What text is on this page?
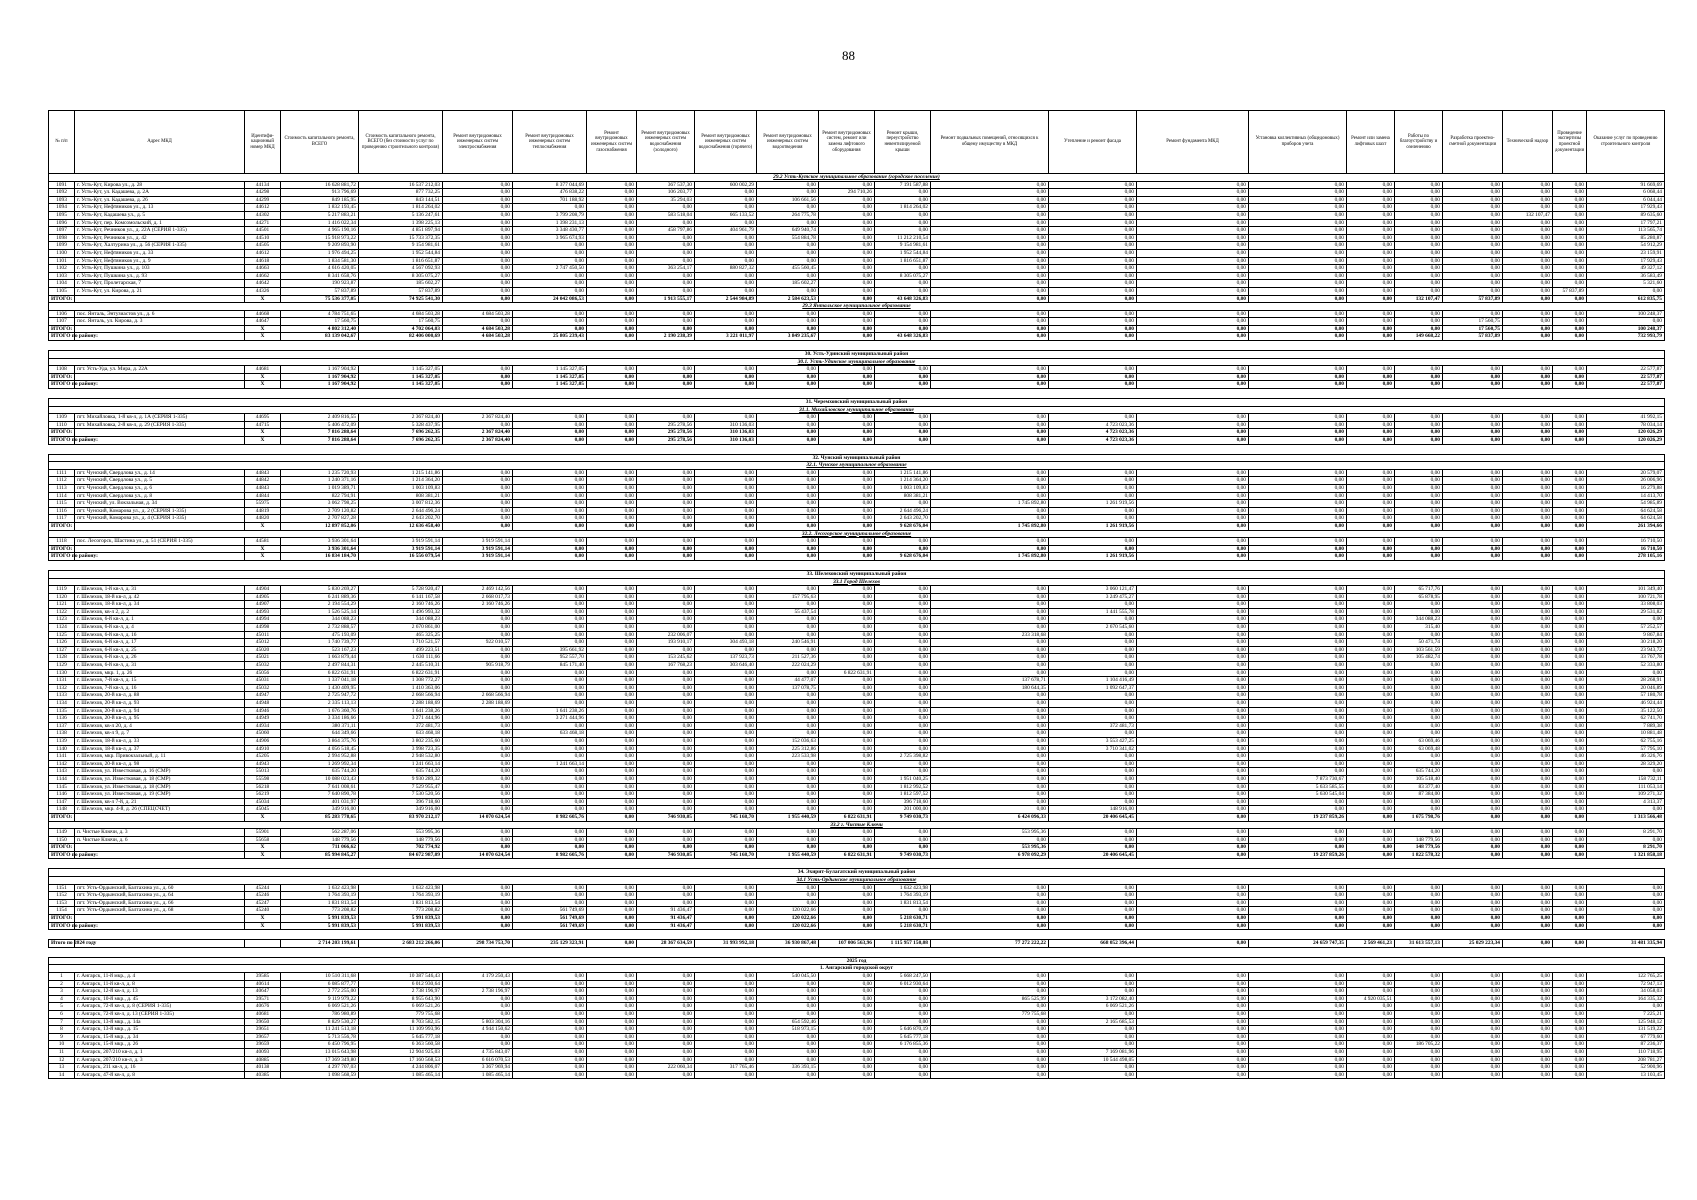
88
№ п/п	Адрес МКД	Идентифи-кационный номер МКД	Стоимость капитального ремонта, ВСЕГО	Стоимость капитального ремонта, ВСЕГО (без стоимости услуг по проведению строительного контроля)	Ремонт внутридомовых инженерных систем электроснабжения	Ремонт внутридомовых инженерных систем теплоснабжения	Ремонт внутридомовых инженерных систем газоснабжения	Ремонт внутридомовых инженерных систем водоснабжения (холодного)	Ремонт внутридомовых инженерных систем водоснабжения (горячего)	Ремонт внутридомовых инженерных систем водоотведения	Ремонт внутридомовых систем, ремонт или замена лифтового оборудования	Ремонт крыши, переустройство невентилируемой крыши	Ремонт подвальных помещений, относящихся к общему имуществу в МКД	Утепление и ремонт фасада	Ремонт фундамента МКД	Установка коллективных (общедомовых) приборов учета	Ремонт или замена лифтовых шахт	Работы по благоустройству и озеленению	Разработка проектно-сметной документации	Технический надзор	Проведение экспертизы проектной документации	Оказание услуг по проведению строительного контроля
29.2 Усть-Кутское муниципальное образование (городское поселение)																						
1091	г. Усть-Кут, Кирова ул., д. 28	44134	16 628 881,72	16 537 212,03	0,00	8 377 044,69	0,00	367 537,30	600 002,29	0,00	0,00	7 191 587,88	0,00	0,00	0,00	0,00	0,00	0,00	0,00	0,00	0,00	91 669,69
1092	г. Усть-Кут, ул. Кадашева, д. 2А	44298	913 796,69	877 732,25	0,00	476 838,22	0,00	106 203,77	0,00	0,00	294 710,26	0,00	0,00	0,00	0,00	0,00	0,00	0,00	0,00	0,00	0,00	6 068,44
1093	г. Усть-Кут, ул. Кадашева, д. 26	44299	849 185,95	843 144,51	0,00	701 188,92	0,00	35 294,03	0,00	106 661,56	0,00	0,00	0,00	0,00	0,00	0,00	0,00	0,00	0,00	0,00	0,00	6 044,44
1094	г. Усть-Кут, Нефтяников ул., д. 13	44612	1 832 193,45	1 814 264,02	0,00	0,00	0,00	0,00	0,00	0,00	0,00	1 814 264,02	0,00	0,00	0,00	0,00	0,00	0,00	0,00	0,00	0,00	17 929,43
1095	г. Усть-Кут, Кадашева ул., д. 5	44302	5 217 883,21	5 136 247,61	0,00	3 799 208,79	0,00	583 518,04	665 133,52	264 775,78	0,00	0,00	0,00	0,00	0,00	0,00	0,00	0,00	0,00	132 107,47	0,00	89 635,60
1096	г. Усть-Кут, пер. Комсомольский, д. 1	44271	1 416 022,34	1 398 225,13	0,00	1 398 231,13	0,00	0,00	0,00	0,00	0,00	0,00	0,00	0,00	0,00	0,00	0,00	0,00	0,00	0,00	0,00	17 797,21
1097	г. Усть-Кут, Речников ул., д. 22А (СЕРИЯ 1-335)	44501	4 965 190,16	4 851 897,94	0,00	3 348 430,77	0,00	458 797,86	404 961,79	649 940,74	0,00	0,00	0,00	0,00	0,00	0,00	0,00	0,00	0,00	0,00	0,00	113 565,74
1098	г. Усть-Кут, Речников ул., д. 42	44510	15 918 973,22	15 733 372,35	0,00	3 965 674,93	0,00	0,00	0,00	554 884,78	0,00	11 212 210,54	0,00	0,00	0,00	0,00	0,00	0,00	0,00	0,00	0,00	85 280,87
1099	г. Усть-Кут, Халтурина ул., д. 56 (СЕРИЯ 1-335)	44505	9 209 893,90	9 154 981,61	0,00	0,00	0,00	0,00	0,00	0,00	0,00	9 154 981,61	0,00	0,00	0,00	0,00	0,00	0,00	0,00	0,00	0,00	54 912,29
1100	г. Усть-Кут, Нефтяников ул., д. 33	44612	1 976 494,25	1 952 544,84	0,00	0,00	0,00	0,00	0,00	0,00	0,00	1 952 544,84	0,00	0,00	0,00	0,00	0,00	0,00	0,00	0,00	0,00	23 159,91
1101	г. Усть-Кут, Нефтяников ул., д. 9	44618	1 834 581,30	1 816 651,87	0,00	0,00	0,00	0,00	0,00	0,00	0,00	1 816 651,87	0,00	0,00	0,00	0,00	0,00	0,00	0,00	0,00	0,00	17 929,43
1102	г. Усть-Кут, Пушкина ул., д. 103	44663	4 616 420,05	4 567 092,93	0,00	2 747 450,50	0,00	363 254,17	880 827,32	455 560,45	0,00	0,00	0,00	0,00	0,00	0,00	0,00	0,00	0,00	0,00	0,00	49 327,12
1103	г. Усть-Кут, Пушкина ул., д. 93	44662	8 341 658,76	8 305 075,27	0,00	0,00	0,00	0,00	0,00	0,00	0,00	8 305 075,27	0,00	0,00	0,00	0,00	0,00	0,00	0,00	0,00	0,00	36 583,49
1104	г. Усть-Кут, Пролетарская, 7	44642	190 923,87	185 602,27	0,00	0,00	0,00	0,00	0,00	185 602,27	0,00	0,00	0,00	0,00	0,00	0,00	0,00	0,00	0,00	0,00	0,00	5 321,60
1105	г. Усть-Кут, ул. Кирова, д. 21	44326	57 837,89	57 837,89	0,00	0,00	0,00	0,00	0,00	0,00	0,00	0,00	0,00	0,00	0,00	0,00	0,00	0,00	0,00	0,00	57 837,89	0,00
ИТОГО:		X	75 536 377,05	74 925 541,30	0,00	24 042 086,53	0,00	1 913 555,17	2 544 984,89	2 584 623,53	0,00	43 648 326,83	0,00	0,00	0,00	0,00	0,00	132 107,47	57 837,89	0,00	0,00	612 835,75
29.3 Янтальское муниципальное образование																						
1106	пос. Янталь, Энтузиастов ул., д. 6	44668	4 784 751,65	4 684 503,28	4 684 503,28	0,00	0,00	0,00	0,00	0,00	0,00	0,00	0,00	0,00	0,00	0,00	0,00	0,00	0,00	0,00	0,00	100 248,37
1107	пос. Янталь, ул. Кирова, д. 3	44647	17 560,75	17 560,75	0,00	0,00	0,00	0,00	0,00	0,00	0,00	0,00	0,00	0,00	0,00	0,00	0,00	0,00	17 560,75	0,00	0,00	0,00
ИТОГО:		X	4 802 312,40	4 702 064,03	4 684 503,28	0,00	0,00	0,00	0,00	0,00	0,00	0,00	0,00	0,00	0,00	0,00	0,00	0,00	17 560,75	0,00	0,00	100 248,37
ИТОГО по району:		X	83 139 042,67	82 406 000,69	4 684 503,28	25 805 239,43	0,00	2 190 238,39	3 221 011,97	3 849 235,67	0,00	43 648 326,83	0,00	0,00	0,00	0,00	0,00	149 668,22	57 837,89	0,00	0,00	732 993,79

30. Усть-Удинский муниципальный район																						
30.1. Усть-Удинское муниципальное образование																						
1108	пгт. Усть-Уда, ул. Мира, д. 22А	44681	1 167 904,92	1 145 327,05	0,00	1 145 327,05	0,00	0,00	0,00	0,00	0,00	0,00	0,00	0,00	0,00	0,00	0,00	0,00	0,00	0,00	0,00	22 577,87
ИТОГО:		X	1 167 904,92	1 145 327,05	0,00	1 145 327,05	0,00	0,00	0,00	0,00	0,00	0,00	0,00	0,00	0,00	0,00	0,00	0,00	0,00	0,00	0,00	22 577,87
ИТОГО по району:		X	1 167 904,92	1 145 327,05	0,00	1 145 327,05	0,00	0,00	0,00	0,00	0,00	0,00	0,00	0,00	0,00	0,00	0,00	0,00	0,00	0,00	0,00	22 577,87

31. Черемховский муниципальный район																						
31.1. Михайловское муниципальное образование																						
1109	пгт. Михайловка, 1-й кв-л, д. 1А (СЕРИЯ 1-335)	44695	2 409 816,55	2 367 824,40	2 367 824,40	0,00	0,00	0,00	0,00	0,00	0,00	0,00	0,00	0,00	0,00	0,00	0,00	0,00	0,00	0,00	0,00	41 992,15
1110	пгт. Михайловка, 2-й кв-л, д. 29 (СЕРИЯ 1-335)	44715	5 406 472,09	5 328 437,95	0,00	0,00	0,00	295 278,56	310 136,03	0,00	0,00	0,00	0,00	4 723 023,36	0,00	0,00	0,00	0,00	0,00	0,00	0,00	78 034,14
ИТОГО:		X	7 816 288,64	7 696 262,35	2 367 824,40	0,00	0,00	295 278,56	310 136,03	0,00	0,00	0,00	0,00	4 723 023,36	0,00	0,00	0,00	0,00	0,00	0,00	0,00	120 026,29
ИТОГО по району:		X	7 816 288,64	7 696 262,35	2 367 824,40	0,00	0,00	295 278,56	310 136,03	0,00	0,00	0,00	0,00	4 723 023,36	0,00	0,00	0,00	0,00	0,00	0,00	0,00	120 026,29

32. Чунский муниципальный район																						
32.1. Чунское муниципальное образование																						
1111	пгт. Чунский, Свердлова ул., д. 14	44843	1 235 720,93	1 215 141,86	0,00	0,00	0,00	0,00	0,00	0,00	0,00	1 215 141,86	0,00	0,00	0,00	0,00	0,00	0,00	0,00	0,00	0,00	20 579,07
1112	пгт. Чунский, Свердлова ул., д. 5	44842	1 240 371,16	1 214 364,20	0,00	0,00	0,00	0,00	0,00	0,00	0,00	1 214 364,20	0,00	0,00	0,00	0,00	0,00	0,00	0,00	0,00	0,00	26 006,96
1113	пгт. Чунский, Свердлова ул., д. 6	44843	1 019 389,71	1 003 109,83	0,00	0,00	0,00	0,00	0,00	0,00	0,00	1 003 109,83	0,00	0,00	0,00	0,00	0,00	0,00	0,00	0,00	0,00	16 279,88
1114	пгт. Чунский, Свердлова ул., д. 8	44844	822 794,91	808 381,21	0,00	0,00	0,00	0,00	0,00	0,00	0,00	808 381,21	0,00	0,00	0,00	0,00	0,00	0,00	0,00	0,00	0,00	14 413,70
1115	пгт. Чунский, ул. Вокзальная, д. 34	55975	3 062 798,25	3 007 812,36	0,00	0,00	0,00	0,00	0,00	0,00	0,00	0,00	1 745 892,80	1 261 919,56	0,00	0,00	0,00	0,00	0,00	0,00	0,00	54 985,89
1116	пгт. Чунский, Комарова ул., д. 2 (СЕРИЯ 1-335)	44819	2 709 120,82	2 644 496,24	0,00	0,00	0,00	0,00	0,00	0,00	0,00	2 644 496,24	0,00	0,00	0,00	0,00	0,00	0,00	0,00	0,00	0,00	64 624,58
1117	пгт. Чунский, Комарова ул., д. 4 (СЕРИЯ 1-335)	44820	2 707 827,28	2 643 202,70	0,00	0,00	0,00	0,00	0,00	0,00	0,00	2 643 202,70	0,00	0,00	0,00	0,00	0,00	0,00	0,00	0,00	0,00	64 624,58
ИТОГО:		X	12 897 852,06	12 636 458,40	0,00	0,00	0,00	0,00	0,00	0,00	0,00	9 628 676,04	1 745 892,80	1 261 919,56	0,00	0,00	0,00	0,00	0,00	0,00	0,00	261 394,66
32.2. Лесогорское муниципальное образование																						
1118	пос. Лесогорск, Шастина ул., д. 51 (СЕРИЯ 1-335)	44581	3 936 301,64	3 919 591,14	3 919 591,14	0,00	0,00	0,00	0,00	0,00	0,00	0,00	0,00	0,00	0,00	0,00	0,00	0,00	0,00	0,00	0,00	16 710,50
ИТОГО:		X	3 936 301,64	3 919 591,14	3 919 591,14	0,00	0,00	0,00	0,00	0,00	0,00	0,00	0,00	0,00	0,00	0,00	0,00	0,00	0,00	0,00	0,00	16 710,50
ИТОГО по району:		X	16 834 184,70	16 556 079,54	3 919 591,14	0,00	0,00	0,00	0,00	0,00	0,00	9 628 676,04	1 745 892,80	1 261 919,56	0,00	0,00	0,00	0,00	0,00	0,00	0,00	278 105,16

33. Шелеховский муниципальный район																						
33.1 Город Шелехов																						
1119	г. Шелехов, 1-й кв-л, д. 31	44904	5 830 269,27	5 728 920,47	2 469 142,56	0,00	0,00	0,00	0,00	0,00	0,00	0,00	0,00	3 060 121,47	0,00	0,00	0,00	65 717,76	0,00	0,00	0,00	101 349,40
1120	г. Шелехов, 18-й кв-л, д. 42	44905	6 241 889,36	6 141 167,58	2 668 017,73	0,00	0,00	0,00	0,00	157 795,63	0,00	0,00	0,00	3 249 475,27	0,00	0,00	0,00	65 878,95	0,00	0,00	0,00	100 721,78
1121	г. Шелехов, 18-й кв-л, д. 34	44907	2 194 554,29	2 160 746,26	2 160 746,26	0,00	0,00	0,00	0,00	0,00	0,00	0,00	0,00	0,00	0,00	0,00	0,00	0,00	0,00	0,00	0,00	33 808,03
1122	г. Шелехов, кв-л 2, д. 2	44993	1 526 525,14	1 496 993,32	0,00	0,00	0,00	0,00	0,00	55 437,54	0,00	0,00	0,00	1 441 555,78	0,00	0,00	0,00	0,00	0,00	0,00	0,00	29 531,82
1123	г. Шелехов, 6-й кв-л, д. 1	44994	344 088,23	344 088,23	0,00	0,00	0,00	0,00	0,00	0,00	0,00	0,00	0,00	0,00	0,00	0,00	0,00	344 088,23	0,00	0,00	0,00	0,00
1124	г. Шелехов, 6-й кв-л, д. 4	44998	2 732 888,57	2 670 861,00	0,00	0,00	0,00	0,00	0,00	0,00	0,00	0,00	0,00	2 670 545,60	0,00	0,00	0,00	315,40	0,00	0,00	0,00	57 252,57
1125	г. Шелехов, 6-й кв-л, д. 16	45011	475 193,09	465 325,25	0,00	0,00	0,00	232 006,07	0,00	0,00	0,00	0,00	233 318,68	0,00	0,00	0,00	0,00	0,00	0,00	0,00	0,00	9 867,84
1126	г. Шелехов, 6-й кв-л, д. 17	45012	1 740 739,77	1 710 521,57	922 010,57	0,00	0,00	193 910,17	304 493,18	240 546,91	0,00	0,00	0,00	0,00	0,00	0,00	0,00	50 471,74	0,00	0,00	0,00	30 218,20
1127	г. Шелехов, 6-й кв-л, д. 25	45020	523 167,23	499 223,51	0,00	395 661,92	0,00	0,00	0,00	0,00	0,00	0,00	0,00	0,00	0,00	0,00	0,00	103 561,59	0,00	0,00	0,00	23 943,72
1128	г. Шелехов, 6-й кв-л, д. 26	45021	1 663 879,44	1 630 111,66	0,00	952 557,70	0,00	153 245,62	137 923,73	211 527,36	0,00	0,00	0,00	0,00	0,00	0,00	0,00	105 482,74	0,00	0,00	0,00	33 767,78
1129	г. Шелехов, 6-й кв-л, д. 31	45032	2 497 844,31	2 445 510,31	905 918,79	845 171,40	0,00	167 768,23	303 646,40	222 024,29	0,00	0,00	0,00	0,00	0,00	0,00	0,00	0,00	0,00	0,00	0,00	52 333,80
1130	г. Шелехов, мкр. 1, д. 26	45056	6 822 631,91	6 822 631,91	0,00	0,00	0,00	0,00	0,00	0,00	6 822 631,91	0,00	0,00	0,00	0,00	0,00	0,00	0,00	0,00	0,00	0,00	0,00
1131	г. Шелехов, 7-й кв-л, д. 15	45031	1 337 041,18	1 308 772,27	0,00	0,00	0,00	0,00	0,00	44 477,07	0,00	0,00	137 678,71	1 104 416,49	0,00	0,00	0,00	0,00	0,00	0,00	0,00	28 268,91
1132	г. Шелехов, 7-й кв-л, д. 16	45032	1 430 409,95	1 410 363,06	0,00	0,00	0,00	0,00	0,00	137 078,75	0,00	0,00	180 644,35	1 092 647,37	0,00	0,00	0,00	0,00	0,00	0,00	0,00	20 046,89
1133	г. Шелехов, 20-й кв-л, д. 88	44947	2 725 947,72	2 668 566,94	2 668 566,94	0,00	0,00	0,00	0,00	0,00	0,00	0,00	0,00	0,00	0,00	0,00	0,00	0,00	0,00	0,00	0,00	57 180,78
1134	г. Шелехов, 20-й кв-л, д. 93	44948	2 335 113,13	2 288 188,69	2 288 188,69	0,00	0,00	0,00	0,00	0,00	0,00	0,00	0,00	0,00	0,00	0,00	0,00	0,00	0,00	0,00	0,00	46 924,44
1135	г. Шелехов, 20-й кв-л, д. 94	44946	1 676 360,76	1 641 238,26	0,00	1 641 238,26	0,00	0,00	0,00	0,00	0,00	0,00	0,00	0,00	0,00	0,00	0,00	0,00	0,00	0,00	0,00	35 122,50
1136	г. Шелехов, 20-й кв-л, д. 95	44949	3 334 186,66	3 271 444,96	0,00	3 271 444,96	0,00	0,00	0,00	0,00	0,00	0,00	0,00	0,00	0,00	0,00	0,00	0,00	0,00	0,00	0,00	62 741,70
1137	г. Шелехов, кв-л 20, д. 4	44934	380 371,11	372 481,73	0,00	0,00	0,00	0,00	0,00	0,00	0,00	0,00	0,00	372 481,73	0,00	0,00	0,00	0,00	0,00	0,00	0,00	7 889,38
1138	г. Шелехов, кв-л 9, д. 7	45060	644 349,66	633 468,18	0,00	633 468,18	0,00	0,00	0,00	0,00	0,00	0,00	0,00	0,00	0,00	0,00	0,00	0,00	0,00	0,00	0,00	10 881,48
1139	г. Шелехов, 18-й кв-л, д. 33	44906	3 864 375,76	3 802 235,60	0,00	0,00	0,00	0,00	0,00	152 036,63	0,00	0,00	0,00	3 553 427,25	0,00	0,00	0,00	63 069,46	0,00	0,00	0,00	62 755,16
1140	г. Шелехов, 18-й кв-л, д. 37	44910	4 056 518,45	3 998 723,35	0,00	0,00	0,00	0,00	0,00	225 312,86	0,00	0,00	0,00	3 710 341,02	0,00	0,00	0,00	63 069,48	0,00	0,00	0,00	57 795,10
1141	г. Шелехов, мкр. Привокзальный, д. 11	45205	2 994 952,88	2 948 532,80	0,00	0,00	0,00	0,00	0,00	223 533,98	0,00	2 725 398,82	0,00	0,00	0,00	0,00	0,00	0,00	0,00	0,00	0,00	46 326,76
1142	г. Шелехов, 20-й кв-л, д. 98	44943	1 269 992,34	1 241 663,14	0,00	1 241 663,14	0,00	0,00	0,00	0,00	0,00	0,00	0,00	0,00	0,00	0,00	0,00	0,00	0,00	0,00	0,00	28 329,20
1143	г. Шелехов, ул. Известковая, д. 16 (СМР)	55013	635 744,20	635 744,20	0,00	0,00	0,00	0,00	0,00	0,00	0,00	0,00	0,00	0,00	0,00	0,00	0,00	635 744,20	0,00	0,00	0,00	0,00
1144	г. Шелехов, ул. Известковая, д. 18 (СМР)	55598	10 088 023,43	9 930 289,32	0,00	0,00	0,00	0,00	0,00	0,00	0,00	1 951 040,25	0,00	0,00	0,00	7 873 730,67	0,00	105 518,40	0,00	0,00	0,00	158 732,11
1145	г. Шелехов, ул. Известковая, д. 18 (СМР)	56218	7 641 008,61	7 529 955,47	0,00	0,00	0,00	0,00	0,00	0,00	0,00	1 812 992,52	0,00	0,00	0,00	5 633 585,55	0,00	83 377,40	0,00	0,00	0,00	111 053,14
1146	г. Шелехов, ул. Известковая, д. 19 (СМР)	56219	7 640 890,78	7 530 520,56	0,00	0,00	0,00	0,00	0,00	0,00	0,00	1 812 597,52	0,00	0,00	0,00	5 630 545,04	0,00	87 384,00	0,00	0,00	0,00	109 271,32
1147	г. Шелехов, кв-л 7-й, д. 21	45034	401 031,97	396 718,60	0,00	0,00	0,00	0,00	0,00	0,00	0,00	396 718,60	0,00	0,00	0,00	0,00	0,00	0,00	0,00	0,00	0,00	4 313,37
1148	г. Шелехов, мкр. 4-й, д. 26 (СПЕЦСЧЕТ)	45045	349 916,00	349 916,00	0,00	0,00	0,00	0,00	0,00	0,00	0,00	201 000,00	0,00	148 916,00	0,00	0,00	0,00	0,00	0,00	0,00	0,00	0,00
ИТОГО:		X	85 283 778,65	83 970 212,17	14 070 624,54	8 982 605,76	0,00	746 930,05	745 168,70	1 955 440,59	6 822 631,91	9 749 030,73	6 424 096,33	20 406 645,45	0,00	19 237 859,26	0,00	1 675 798,76	0,00	0,00	0,00	1 313 566,48
33.2 г. Чистые Ключи																						
1149	п. Чистые Ключи, д. 3	55901	562 287,06	553 995,36	0,00	0,00	0,00	0,00	0,00	0,00	0,00	0,00	553 995,36	0,00	0,00	0,00	0,00	0,00	0,00	0,00	0,00	8 291,70
1150	п. Чистые Ключи, д. 6	55658	148 779,56	148 779,56	0,00	0,00	0,00	0,00	0,00	0,00	0,00	0,00	0,00	0,00	0,00	0,00	0,00	148 779,56	0,00	0,00	0,00	0,00
ИТОГО:		X	711 066,62	702 774,92	0,00	0,00	0,00	0,00	0,00	0,00	0,00	0,00	553 995,36	0,00	0,00	0,00	0,00	148 779,56	0,00	0,00	0,00	8 291,70
ИТОГО по району:		X	85 994 845,27	84 672 987,09	14 070 624,54	8 982 605,76	0,00	746 930,05	745 168,70	1 955 440,59	6 822 631,91	9 749 030,73	6 978 092,29	20 406 645,45	0,00	19 237 859,26	0,00	1 822 578,32	0,00	0,00	0,00	1 321 858,18

34. Эхирит-Булагатский муниципальный район																						
34.1 Усть-Ордынское муниципальное образование																						
1151	пгт. Усть-Ордынский, Балтахина ул., д. 60	45244	1 632 423,98	1 632 423,98	0,00	0,00	0,00	0,00	0,00	0,00	0,00	1 632 423,98	0,00	0,00	0,00	0,00	0,00	0,00	0,00	0,00	0,00	0,00
1152	пгт. Усть-Ордынский, Балтахина ул., д. 64	45246	1 764 393,19	1 764 393,19	0,00	0,00	0,00	0,00	0,00	0,00	0,00	1 764 393,19	0,00	0,00	0,00	0,00	0,00	0,00	0,00	0,00	0,00	0,00
1153	пгт. Усть-Ордынский, Балтахина ул., д. 66	45247	1 831 813,54	1 831 813,54	0,00	0,00	0,00	0,00	0,00	0,00	0,00	1 831 813,54	0,00	0,00	0,00	0,00	0,00	0,00	0,00	0,00	0,00	0,00
1154	пгт. Усть-Ордынский, Балтахина ул., д. 68	45240	773 208,82	773 208,82	0,00	561 749,69	0,00	91 436,47	0,00	120 022,66	0,00	0,00	0,00	0,00	0,00	0,00	0,00	0,00	0,00	0,00	0,00	0,00
ИТОГО:		X	5 991 839,53	5 991 839,53	0,00	561 749,69	0,00	91 436,47	0,00	120 022,66	0,00	5 218 630,71	0,00	0,00	0,00	0,00	0,00	0,00	0,00	0,00	0,00	0,00
ИТОГО по району:		X	5 991 839,53	5 991 839,53	0,00	561 749,69	0,00	91 436,47	0,00	120 022,66	0,00	5 218 630,71	0,00	0,00	0,00	0,00	0,00	0,00	0,00	0,00	0,00	0,00

Итого по 2024 году			2 714 203 199,61	2 683 212 266,06	298 734 753,70	235 129 323,91	0,00	28 367 634,59	31 993 992,18	36 930 867,48	107 006 563,96	1 115 957 150,08	77 272 222,22	668 052 396,44	0,00	24 659 747,35	2 569 461,23	31 613 557,13	25 029 223,34	0,00	0,00	31 481 335,94

2025 год																						
1. Ангарский городской округ																						
1	г. Ангарск, 11-й мкр., д. 4	39585	10 510 311,68	10 387 546,43	4 179 250,43	0,00	0,00	0,00	0,00	540 045,50	0,00	5 668 247,50	0,00	0,00	0,00	0,00	0,00	0,00	0,00	0,00	0,00	122 765,25
2	г. Ангарск, 11-й кв-л, д. 8	40614	6 085 877,77	6 012 930,64	0,00	0,00	0,00	0,00	0,00	0,00	0,00	6 012 930,64	0,00	0,00	0,00	0,00	0,00	0,00	0,00	0,00	0,00	72 947,13
3	г. Ангарск, 12-й кв-л, д. 13	40647	2 772 255,00	2 738 196,97	2 738 196,97	0,00	0,00	0,00	0,00	0,00	0,00	0,00	0,00	0,00	0,00	0,00	0,00	0,00	0,00	0,00	0,00	34 058,03
4	г. Ангарск, 10-й мкр., д. 45	39571	9 119 979,22	8 955 643,90	0,00	0,00	0,00	0,00	0,00	0,00	0,00	0,00	865 525,99	3 172 082,40	0,00	0,00	4 920 035,51	0,00	0,00	0,00	0,00	164 335,32
5	г. Ангарск, 72-й кв-л, д. 8 (СЕРИЯ 1-335)	40676	6 069 521,26	6 069 521,26	0,00	0,00	0,00	0,00	0,00	0,00	0,00	0,00	0,00	6 069 521,26	0,00	0,00	0,00	0,00	0,00	0,00	0,00	0,00
6	г. Ангарск, 72-й кв-л, д. 13 (СЕРИЯ 1-335)	40681	786 980,89	779 755,68	0,00	0,00	0,00	0,00	0,00	0,00	0,00	0,00	779 755,68	0,00	0,00	0,00	0,00	0,00	0,00	0,00	0,00	7 225,21
7	г. Ангарск, 13-й мкр., д. 14а	39650	8 829 530,27	8 703 582,15	5 803 304,16	0,00	0,00	0,00	0,00	654 592,46	0,00	0,00	0,00	2 165 685,53	0,00	0,00	0,00	0,00	0,00	0,00	0,00	125 948,12
8	г. Ангарск, 13-й мкр., д. 15	39651	11 241 513,18	11 109 993,96	4 944 150,62	0,00	0,00	0,00	0,00	518 973,15	0,00	5 646 870,19	0,00	0,00	0,00	0,00	0,00	0,00	0,00	0,00	0,00	131 519,22
9	г. Ангарск, 15-й мкр., д. 34	39657	5 713 556,78	5 645 777,18	0,00	0,00	0,00	0,00	0,00	0,00	0,00	5 645 777,18	0,00	0,00	0,00	0,00	0,00	0,00	0,00	0,00	0,00	67 779,60
10	г. Ангарск, 15-й мкр., д. 26	39659	6 450 796,95	6 363 560,58	0,00	0,00	0,00	0,00	0,00	0,00	0,00	6 176 855,36	0,00	0,00	0,00	0,00	0,00	186 705,22	0,00	0,00	0,00	87 236,37
11	г. Ангарск, 207/210 кв-л, д. 1	40093	13 015 643,98	12 904 925,03	4 735 843,07	0,00	0,00	0,00	0,00	0,00	0,00	0,00	0,00	7 169 081,96	0,00	0,00	0,00	0,00	0,00	0,00	0,00	110 718,95
12	г. Ангарск, 207/210 кв-л, д. 3	40885	17 369 349,80	17 160 568,53	6 616 070,53	0,00	0,00	0,00	0,00	0,00	0,00	0,00	0,00	10 544 498,05	0,00	0,00	0,00	0,00	0,00	0,00	0,00	208 781,27
13	г. Ангарск, 211 кв-л, д. 16	40138	4 297 707,03	4 244 806,07	3 367 969,94	0,00	0,00	222 060,34	317 765,46	336 393,15	0,00	0,00	0,00	0,00	0,00	0,00	0,00	0,00	0,00	0,00	0,00	52 900,96
14	г. Ангарск, 47-й кв-л, д. 8	40385	1 098 568,59	1 085 465,14	1 085 465,14	0,00	0,00	0,00	0,00	0,00	0,00	0,00	0,00	0,00	0,00	0,00	0,00	0,00	0,00	0,00	0,00	13 103,45
